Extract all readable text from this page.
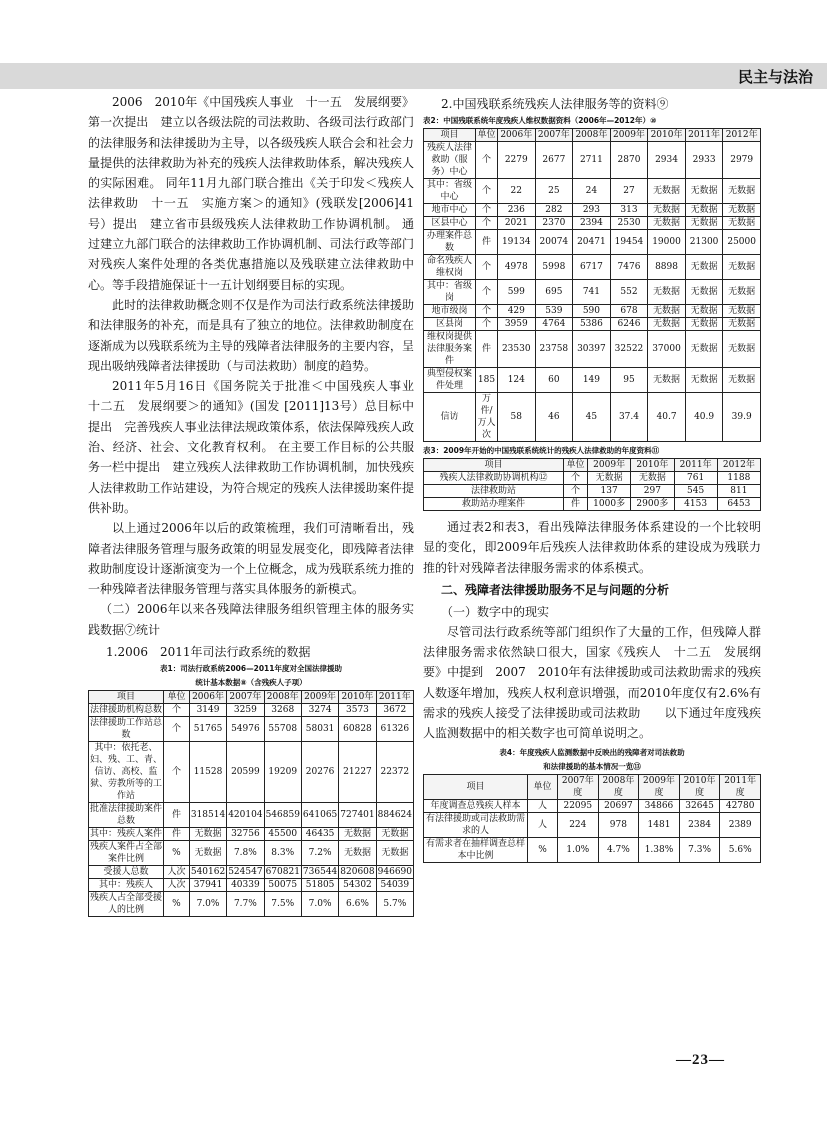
民主与法治

2006　2010年《中国残疾人事业　十一五　发展纲要》第一次提出　建立以各级法院的司法救助、各级司法行政部门的法律服务和法律援助为主导，以各级残疾人联合会和社会力量提供的法律救助为补充的残疾人法律救助体系，解决残疾人的实际困难。 同年11月九部门联合推出《关于印发＜残疾人法律救助　十一五　实施方案＞的通知》(残联发[2006]41号）提出　建立省市县级残疾人法律救助工作协调机制。 通过建立九部门联合的法律救助工作协调机制、司法行政等部门对残疾人案件处理的各类优惠措施以及残联建立法律救助中心。等手段措施保证十一五计划纲要目标的实现。

此时的法律救助概念则不仅是作为司法行政系统法律援助和法律服务的补充，而是具有了独立的地位。法律救助制度在逐渐成为以残联系统为主导的残障者法律服务的主要内容，呈现出吸纳残障者法律援助（与司法救助）制度的趋势。

2011年5月16日《国务院关于批准＜中国残疾人事业　十二五　发展纲要＞的通知》(国发 [2011]13号）总目标中提出　完善残疾人事业法律法规政策体系，依法保障残疾人政治、经济、社会、文化教育权利。 在主要工作目标的公共服务一栏中提出　建立残疾人法律救助工作协调机制，加快残疾人法律救助工作站建设，为符合规定的残疾人法律援助案件提供补助。

以上通过2006年以后的政策梳理，我们可清晰看出，残障者法律服务管理与服务政策的明显发展变化，即残障者法律救助制度设计逐渐演变为一个上位概念，成为残联系统力推的一种残障者法律服务管理与落实具体服务的新模式。

（二）2006年以来各残障法律服务组织管理主体的服务实践数据⑦统计

1.2006　2011年司法行政系统的数据

表1：司法行政系统2006—2011年度对全国法律援助
统计基本数据⑧（含残疾人子项）
项目	单位	2006年	2007年	2008年	2009年	2010年	2011年
法律援助机构总数	个	3149	3259	3268	3274	3573	3672
法律援助工作站总数	个	51765	54976	55708	58031	60828	61326
其中：依托老、妇、残、工、青、信访、高校、监狱、劳教所等的工作站	个	11528	20599	19209	20276	21227	22372
批准法律援助案件总数	件	318514	420104	546859	641065	727401	884624
其中：残疾人案件	件	无数据	32756	45500	46435	无数据	无数据
残疾人案件占全部案件比例	%	无数据	7.8%	8.3%	7.2%	无数据	无数据
受援人总数	人次	540162	524547	670821	736544	820608	946690
其中：残疾人	人次	37941	40339	50075	51805	54302	54039
残疾人占全部受援人的比例	%	7.0%	7.7%	7.5%	7.0%	6.6%	5.7%

2.中国残联系统残疾人法律服务等的资料⑨

表2：中国残联系统年度残疾人维权数据资料（2006年—2012年）⑩
项目	单位	2006年	2007年	2008年	2009年	2010年	2011年	2012年
残疾人法律救助（服务）中心	个	2279	2677	2711	2870	2934	2933	2979
其中：省级中心	个	22	25	24	27	无数据	无数据	无数据
地市中心	个	236	282	293	313	无数据	无数据	无数据
区县中心	个	2021	2370	2394	2530	无数据	无数据	无数据
办理案件总数	件	19134	20074	20471	19454	19000	21300	25000
命名残疾人维权岗	个	4978	5998	6717	7476	8898	无数据	无数据
其中：省级岗	个	599	695	741	552	无数据	无数据	无数据
地市级岗	个	429	539	590	678	无数据	无数据	无数据
区县岗	个	3959	4764	5386	6246	无数据	无数据	无数据
维权岗提供法律服务案件	件	23530	23758	30397	32522	37000	无数据	无数据
典型侵权案件处理	185	124	60	149	95	无数据	无数据	无数据
信访	万件/万人次	58	46	45	37.4	40.7	40.9	39.9
表3：2009年开始的中国残联系统统计的残疾人法律救助的年度资料⑪
项目	单位	2009年	2010年	2011年	2012年
残疾人法律救助协调机构⑫	个	无数据	无数据	761	1188
法律救助站	个	137	297	545	811
救助站办理案件	件	1000多	2900多	4153	6453

通过表2和表3，看出残障法律服务体系建设的一个比较明显的变化，即2009年后残疾人法律救助体系的建设成为残联力推的针对残障者法律服务需求的体系模式。

二、残障者法律援助服务不足与问题的分析

（一）数字中的现实

尽管司法行政系统等部门组织作了大量的工作，但残障人群法律服务需求依然缺口很大，国家《残疾人　十二五　发展纲要》中提到　2007　2010年有法律援助或司法救助需求的残疾人数逐年增加，残疾人权利意识增强，而2010年度仅有2.6%有需求的残疾人接受了法律援助或司法救助　　以下通过年度残疾人监测数据中的相关数字也可简单说明之。

表4：年度残疾人监测数据中反映出的残障者对司法救助
和法律援助的基本情况一览⑬
项目	单位	2007年度	2008年度	2009年度	2010年度	2011年度
年度调查总残疾人样本	人	22095	20697	34866	32645	42780
有法律援助或司法救助需求的人	人	224	978	1481	2384	2389
有需求者在抽样调查总样本中比例	%	1.0%	4.7%	1.38%	7.3%	5.6%
—23—
